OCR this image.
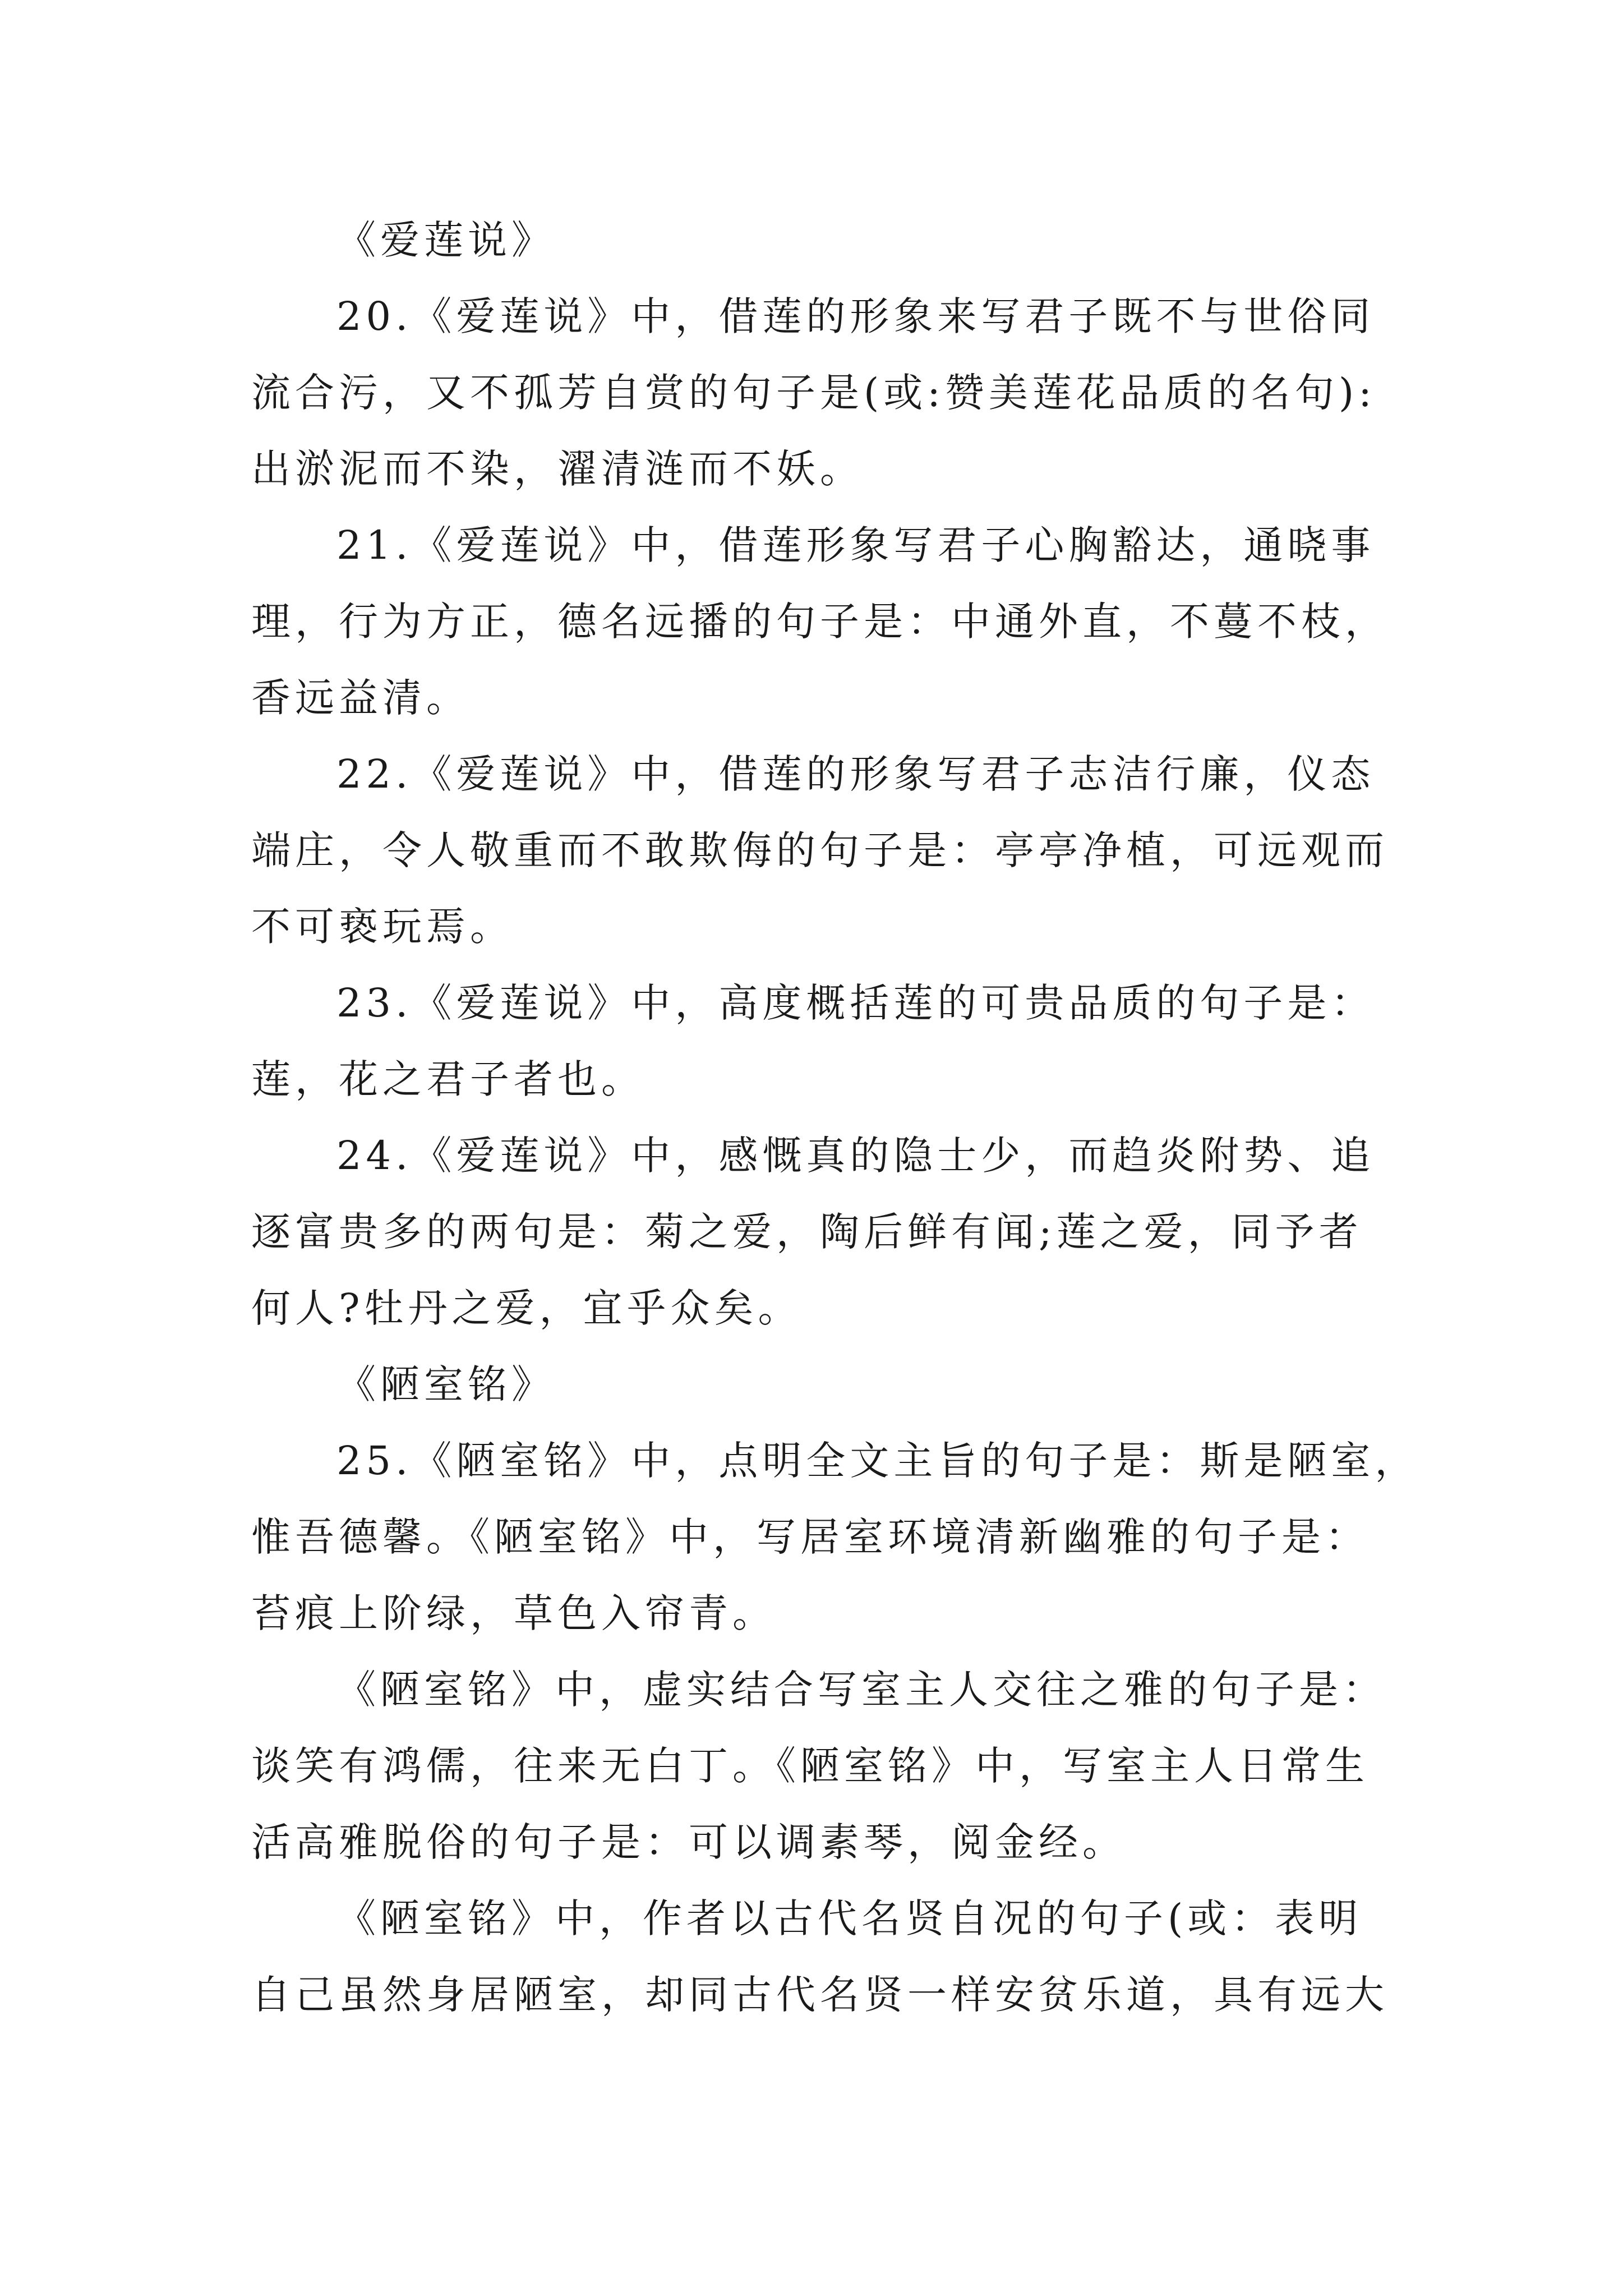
《爱莲说》
20.《爱莲说》中，借莲的形象来写君子既不与世俗同
流合污，又不孤芳自赏的句子是(或:赞美莲花品质的名句):
出淤泥而不染，濯清涟而不妖。
21.《爱莲说》中，借莲形象写君子心胸豁达，通晓事
理，行为方正，德名远播的句子是：中通外直，不蔓不枝，
香远益清。
22.《爱莲说》中，借莲的形象写君子志洁行廉，仪态
端庄，令人敬重而不敢欺侮的句子是：亭亭净植，可远观而
不可亵玩焉。
23.《爱莲说》中，高度概括莲的可贵品质的句子是：
莲，花之君子者也。
24.《爱莲说》中，感慨真的隐士少，而趋炎附势、追
逐富贵多的两句是：菊之爱，陶后鲜有闻;莲之爱，同予者
何人?牡丹之爱，宜乎众矣。
《陋室铭》
25.《陋室铭》中，点明全文主旨的句子是：斯是陋室，
惟吾德馨。《陋室铭》中，写居室环境清新幽雅的句子是：
苔痕上阶绿，草色入帘青。
《陋室铭》中，虚实结合写室主人交往之雅的句子是：
谈笑有鸿儒，往来无白丁。《陋室铭》中，写室主人日常生
活高雅脱俗的句子是：可以调素琴，阅金经。
《陋室铭》中，作者以古代名贤自况的句子(或：表明
自己虽然身居陋室，却同古代名贤一样安贫乐道，具有远大
